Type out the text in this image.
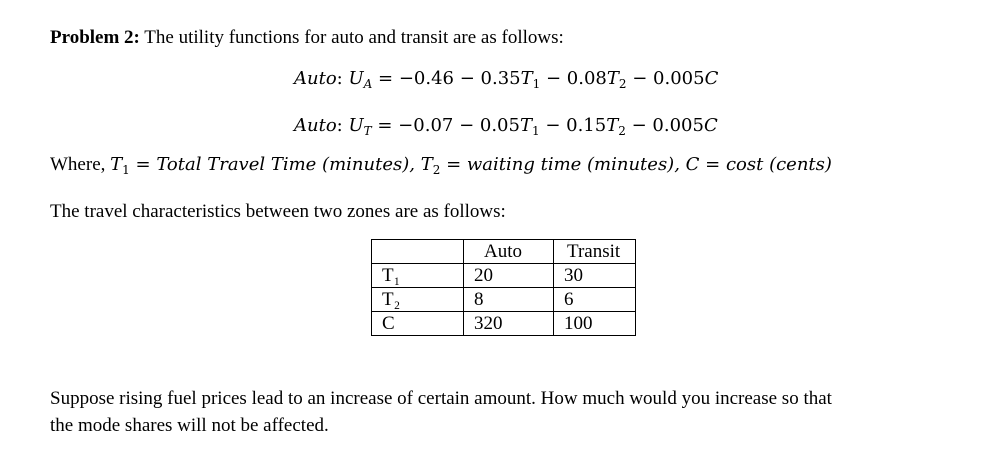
Problem 2: The utility functions for auto and transit are as follows:
Auto: $U_A = -0.46 - 0.35T_1 - 0.08T_2 - 0.005C$
Auto: $U_T = -0.07 - 0.05T_1 - 0.15T_2 - 0.005C$
Where, $T_1$ = Total Travel Time (minutes), $T_2$ = waiting time (minutes), C = cost (cents)
The travel characteristics between two zones are as follows:
	Auto	Transit
T₁	20	30
T₂	8	6
C	320	100
Suppose rising fuel prices lead to an increase of certain amount. How much would you increase so that
the mode shares will not be affected.
